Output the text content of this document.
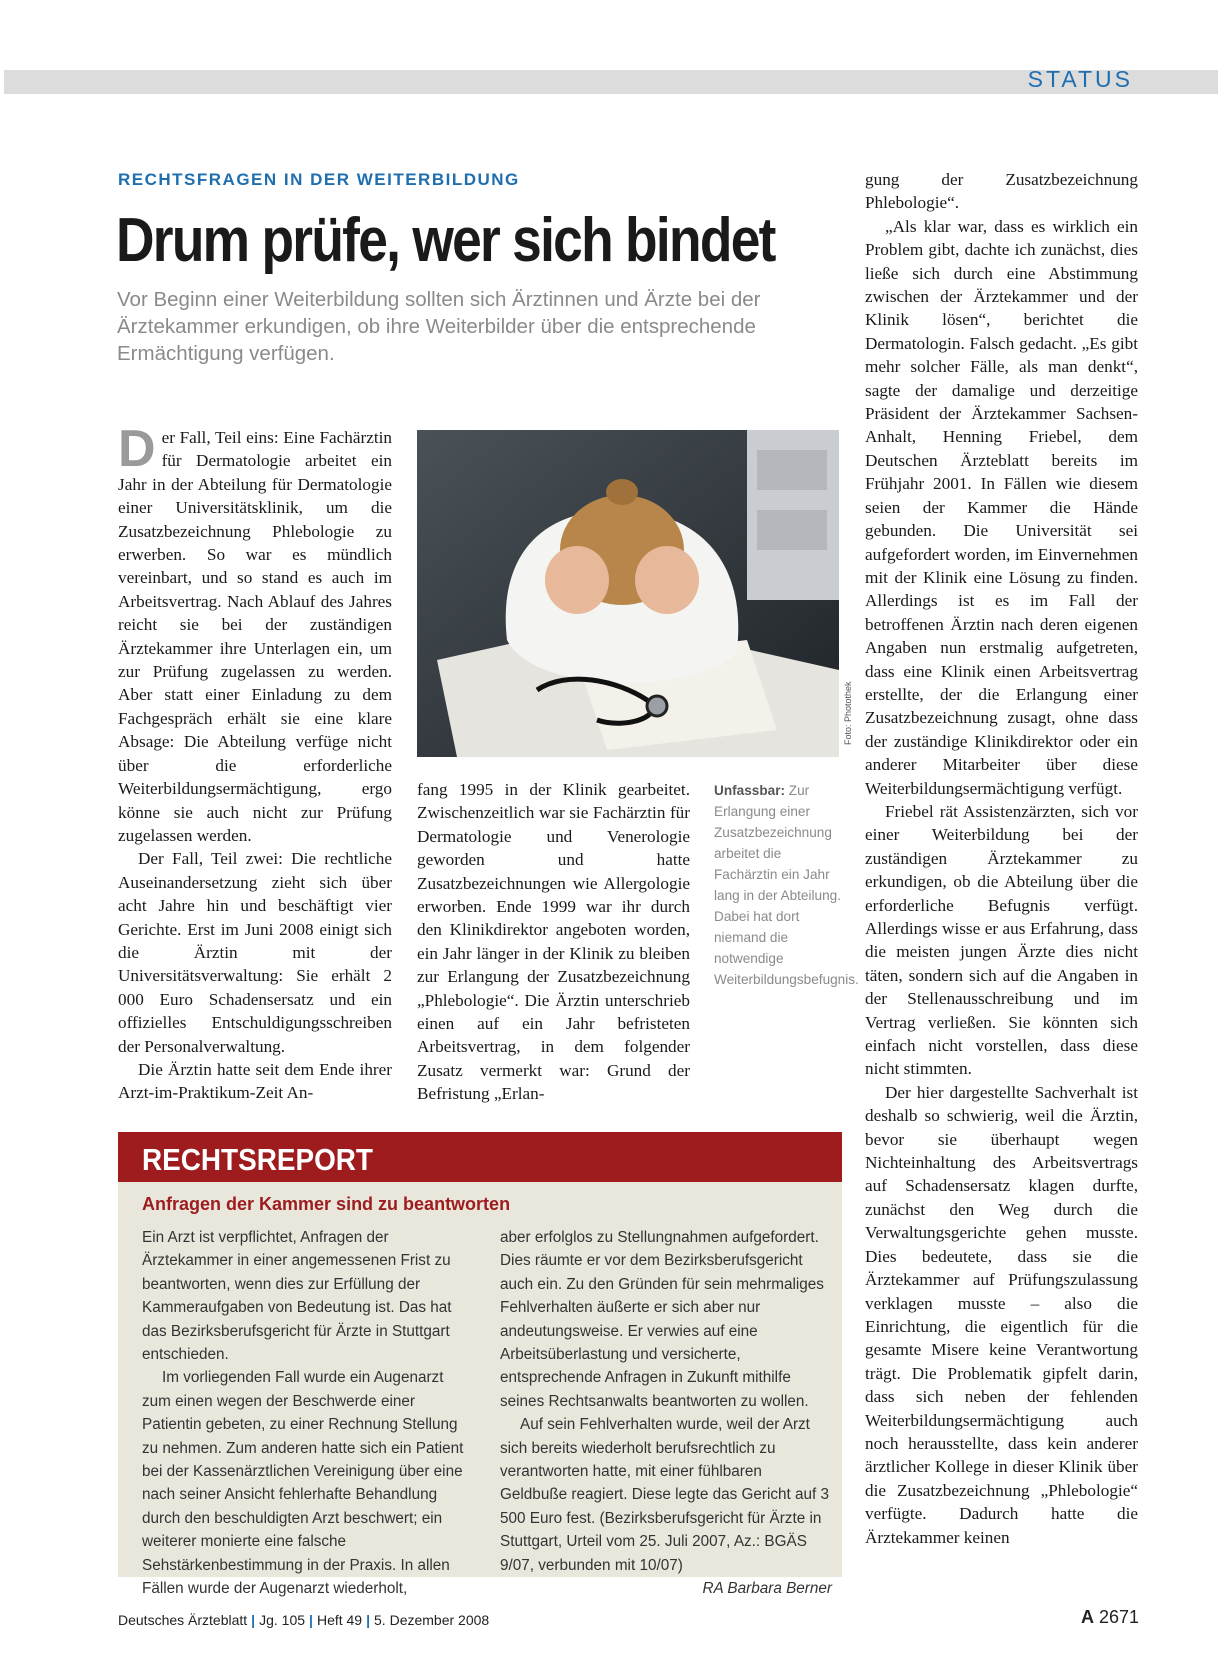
STATUS
RECHTSFRAGEN IN DER WEITERBILDUNG
Drum prüfe, wer sich bindet
Vor Beginn einer Weiterbildung sollten sich Ärztinnen und Ärzte bei der Ärztekammer erkundigen, ob ihre Weiterbilder über die entsprechende Ermächtigung verfügen.

Der Fall, Teil eins: Eine Fachärztin für Dermatologie arbeitet ein Jahr in der Abteilung für Dermatologie einer Universitätsklinik, um die Zusatzbezeichnung Phlebologie zu erwerben. So war es mündlich vereinbart, und so stand es auch im Arbeitsvertrag. Nach Ablauf des Jahres reicht sie bei der zuständigen Ärztekammer ihre Unterlagen ein, um zur Prüfung zugelassen zu werden. Aber statt einer Einladung zu dem Fachgespräch erhält sie eine klare Absage: Die Abteilung verfüge nicht über die erforderliche Weiterbildungsermächtigung, ergo könne sie auch nicht zur Prüfung zugelassen werden.

Der Fall, Teil zwei: Die rechtliche Auseinandersetzung zieht sich über acht Jahre hin und beschäftigt vier Gerichte. Erst im Juni 2008 einigt sich die Ärztin mit der Universitätsverwaltung: Sie erhält 2 000 Euro Schadensersatz und ein offizielles Entschuldigungsschreiben der Personalverwaltung.

Die Ärztin hatte seit dem Ende ihrer Arzt-im-Praktikum-Zeit An-

Foto: Photothek
Unfassbar: Zur Erlangung einer Zusatzbezeichnung arbeitet die Fachärztin ein Jahr lang in der Abteilung. Dabei hat dort niemand die notwendige Weiterbildungsbefugnis.

fang 1995 in der Klinik gearbeitet. Zwischenzeitlich war sie Fachärztin für Dermatologie und Venerologie geworden und hatte Zusatzbezeichnungen wie Allergologie erworben. Ende 1999 war ihr durch den Klinikdirektor angeboten worden, ein Jahr länger in der Klinik zu bleiben zur Erlangung der Zusatzbezeichnung „Phlebologie“. Die Ärztin unterschrieb einen auf ein Jahr befristeten Arbeitsvertrag, in dem folgender Zusatz vermerkt war: Grund der Befristung „Erlan-

gung der Zusatzbezeichnung Phlebologie“.

„Als klar war, dass es wirklich ein Problem gibt, dachte ich zunächst, dies ließe sich durch eine Abstimmung zwischen der Ärztekammer und der Klinik lösen“, berichtet die Dermatologin. Falsch gedacht. „Es gibt mehr solcher Fälle, als man denkt“, sagte der damalige und derzeitige Präsident der Ärztekammer Sachsen-Anhalt, Henning Friebel, dem Deutschen Ärzteblatt bereits im Frühjahr 2001. In Fällen wie diesem seien der Kammer die Hände gebunden. Die Universität sei aufgefordert worden, im Einvernehmen mit der Klinik eine Lösung zu finden. Allerdings ist es im Fall der betroffenen Ärztin nach deren eigenen Angaben nun erstmalig aufgetreten, dass eine Klinik einen Arbeitsvertrag erstellte, der die Erlangung einer Zusatzbezeichnung zusagt, ohne dass der zuständige Klinikdirektor oder ein anderer Mitarbeiter über diese Weiterbildungsermächtigung verfügt.

Friebel rät Assistenzärzten, sich vor einer Weiterbildung bei der zuständigen Ärztekammer zu erkundigen, ob die Abteilung über die erforderliche Befugnis verfügt. Allerdings wisse er aus Erfahrung, dass die meisten jungen Ärzte dies nicht täten, sondern sich auf die Angaben in der Stellenausschreibung und im Vertrag verließen. Sie könnten sich einfach nicht vorstellen, dass diese nicht stimmten.

Der hier dargestellte Sachverhalt ist deshalb so schwierig, weil die Ärztin, bevor sie überhaupt wegen Nichteinhaltung des Arbeitsvertrags auf Schadensersatz klagen durfte, zunächst den Weg durch die Verwaltungsgerichte gehen musste. Dies bedeutete, dass sie die Ärztekammer auf Prüfungszulassung verklagen musste – also die Einrichtung, die eigentlich für die gesamte Misere keine Verantwortung trägt. Die Problematik gipfelt darin, dass sich neben der fehlenden Weiterbildungsermächtigung auch noch herausstellte, dass kein anderer ärztlicher Kollege in dieser Klinik über die Zusatzbezeichnung „Phlebologie“ verfügte. Dadurch hatte die Ärztekammer keinen

RECHTSREPORT
Anfragen der Kammer sind zu beantworten

Ein Arzt ist verpflichtet, Anfragen der Ärztekammer in einer angemessenen Frist zu beantworten, wenn dies zur Erfüllung der Kammeraufgaben von Bedeutung ist. Das hat das Bezirksberufsgericht für Ärzte in Stuttgart entschieden.

Im vorliegenden Fall wurde ein Augenarzt zum einen wegen der Beschwerde einer Patientin gebeten, zu einer Rechnung Stellung zu nehmen. Zum anderen hatte sich ein Patient bei der Kassenärztlichen Vereinigung über eine nach seiner Ansicht fehlerhafte Behandlung durch den beschuldigten Arzt beschwert; ein weiterer monierte eine falsche Sehstärkenbestimmung in der Praxis. In allen Fällen wurde der Augenarzt wiederholt,

aber erfolglos zu Stellungnahmen aufgefordert. Dies räumte er vor dem Bezirksberufsgericht auch ein. Zu den Gründen für sein mehrmaliges Fehlverhalten äußerte er sich aber nur andeutungsweise. Er verwies auf eine Arbeitsüberlastung und versicherte, entsprechende Anfragen in Zukunft mithilfe seines Rechtsanwalts beantworten zu wollen.

Auf sein Fehlverhalten wurde, weil der Arzt sich bereits wiederholt berufsrechtlich zu verantworten hatte, mit einer fühlbaren Geldbuße reagiert. Diese legte das Gericht auf 3 500 Euro fest. (Bezirksberufsgericht für Ärzte in Stuttgart, Urteil vom 25. Juli 2007, Az.: BGÄS 9/07, verbunden mit 10/07)

RA Barbara Berner
Deutsches Ärzteblatt | Jg. 105 | Heft 49 | 5. Dezember 2008	A 2671
